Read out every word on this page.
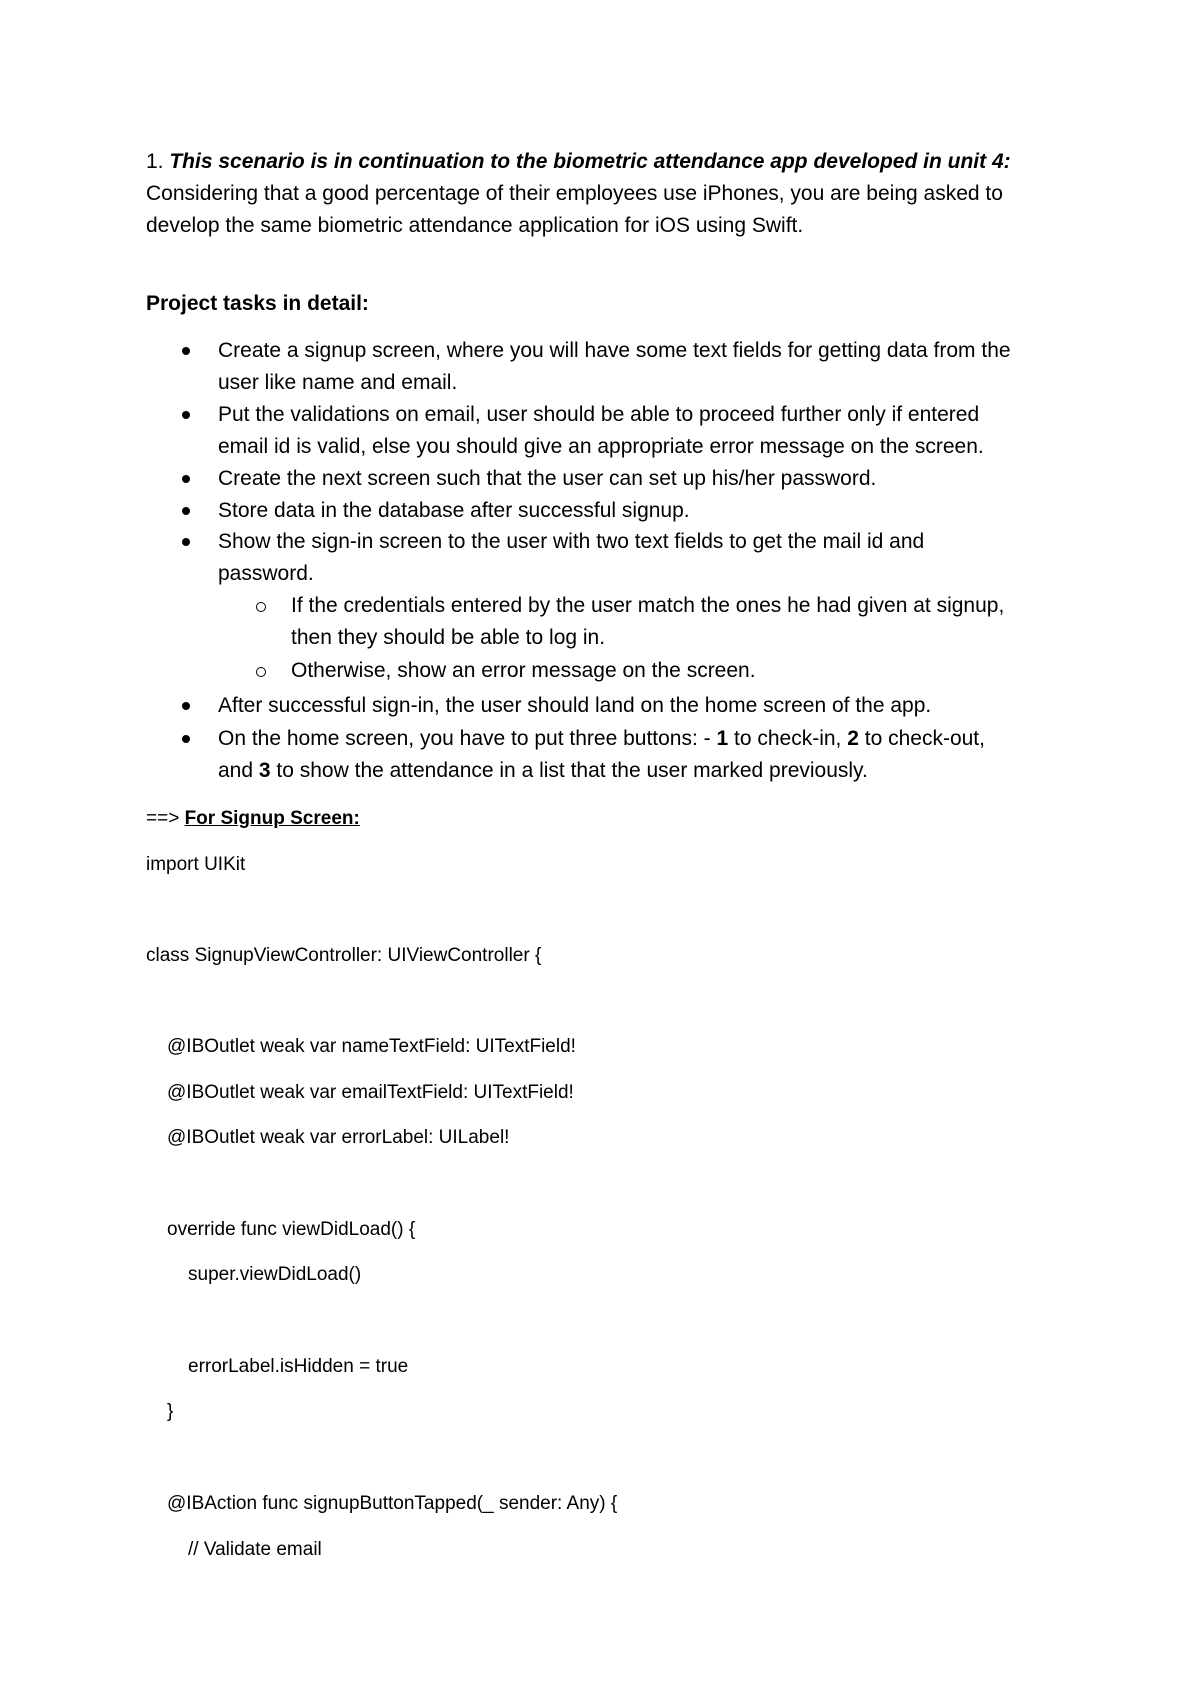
1. This scenario is in continuation to the biometric attendance app developed in unit 4:
Considering that a good percentage of their employees use iPhones, you are being asked to
develop the same biometric attendance application for iOS using Swift.
Project tasks in detail:
Create a signup screen, where you will have some text fields for getting data from the
user like name and email.
Put the validations on email, user should be able to proceed further only if entered
email id is valid, else you should give an appropriate error message on the screen.
Create the next screen such that the user can set up his/her password.
Store data in the database after successful signup.
Show the sign-in screen to the user with two text fields to get the mail id and
password.
If the credentials entered by the user match the ones he had given at signup,
then they should be able to log in.
Otherwise, show an error message on the screen.
After successful sign-in, the user should land on the home screen of the app.
On the home screen, you have to put three buttons: - 1 to check-in, 2 to check-out,
and 3 to show the attendance in a list that the user marked previously.
==> For Signup Screen:
import UIKit
class SignupViewController: UIViewController {
@IBOutlet weak var nameTextField: UITextField!
@IBOutlet weak var emailTextField: UITextField!
@IBOutlet weak var errorLabel: UILabel!
override func viewDidLoad() {
super.viewDidLoad()
errorLabel.isHidden = true
}
@IBAction func signupButtonTapped(_ sender: Any) {
// Validate email
